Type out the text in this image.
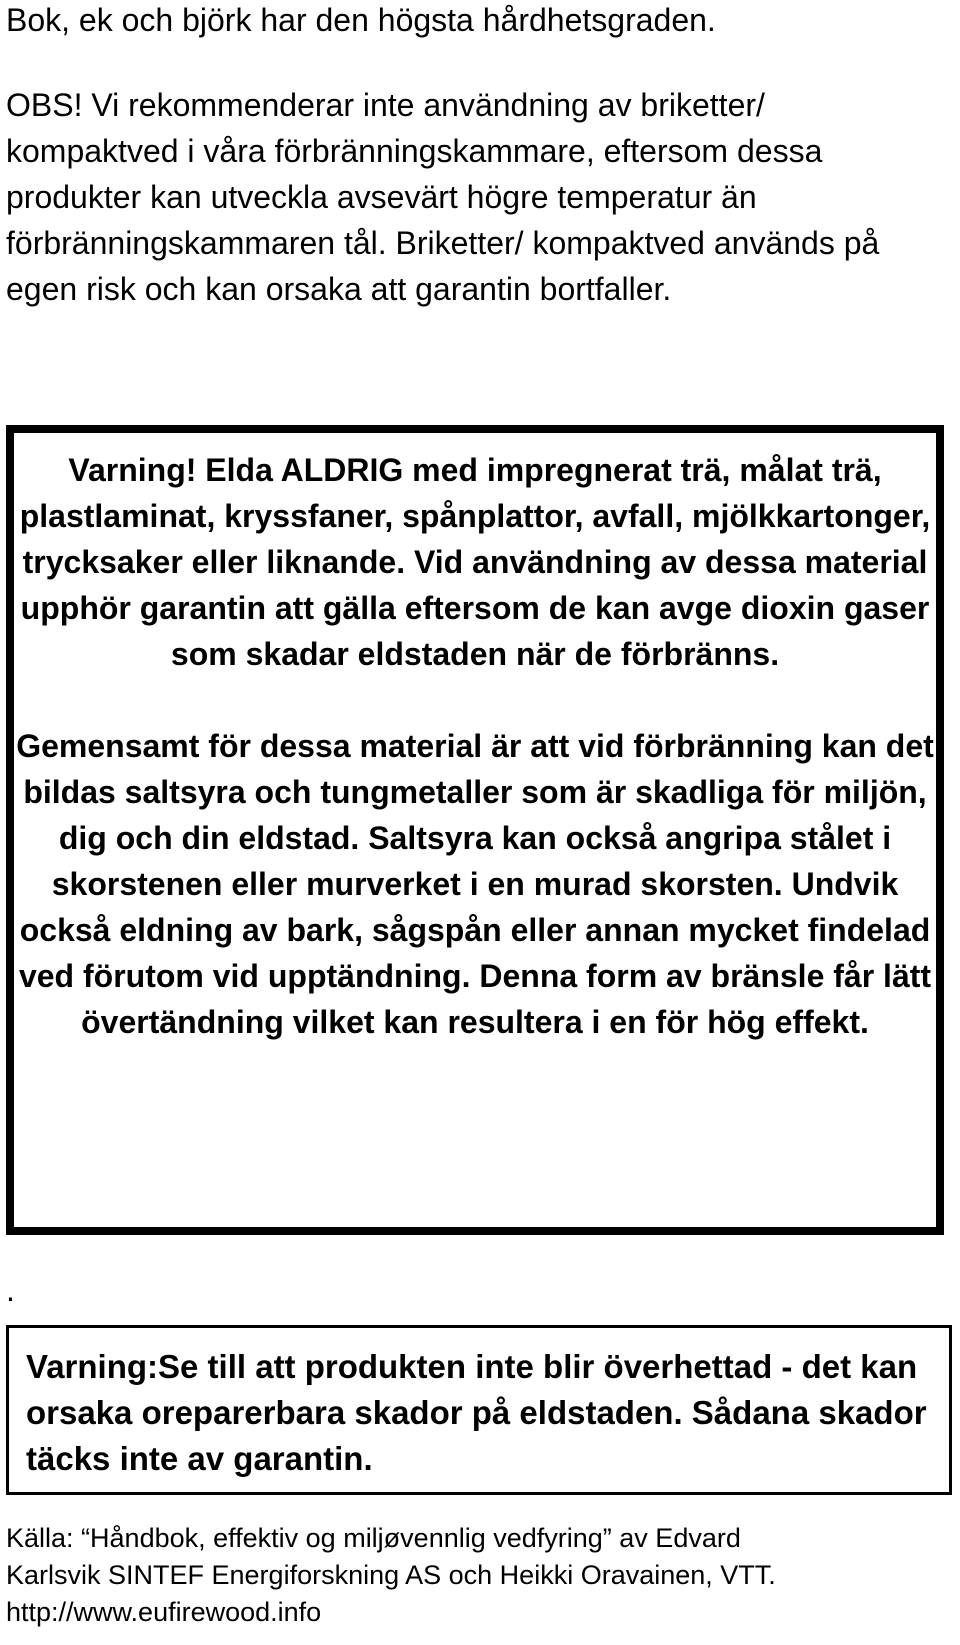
Bok, ek och björk har den högsta hårdhetsgraden.

OBS! Vi rekommenderar inte användning av briketter/ kompaktved i våra förbränningskammare, eftersom dessa produkter kan utveckla avsevärt högre temperatur än förbränningskammaren tål. Briketter/ kompaktved används på egen risk och kan orsaka att garantin bortfaller.

Varning! Elda ALDRIG med impregnerat trä, målat trä, plastlaminat, kryssfaner, spånplattor, avfall, mjölkkartonger, trycksaker eller liknande. Vid användning av dessa material upphör garantin att gälla eftersom de kan avge dioxin gaser som skadar eldstaden när de förbränns.

Gemensamt för dessa material är att vid förbränning kan det bildas saltsyra och tungmetaller som är skadliga för miljön, dig och din eldstad. Saltsyra kan också angripa stålet i skorstenen eller murverket i en murad skorsten. Undvik också eldning av bark, sågspån eller annan mycket findelad ved förutom vid upptändning. Denna form av bränsle får lätt övertändning vilket kan resultera i en för hög effekt.

.

Varning:Se till att produkten inte blir överhettad - det kan orsaka oreparerbara skador på eldstaden. Sådana skador täcks inte av garantin.

Källa: “Håndbok, effektiv og miljøvennlig vedfyring” av Edvard

Karlsvik SINTEF Energiforskning AS och Heikki Oravainen, VTT.

http://www.eufirewood.info
